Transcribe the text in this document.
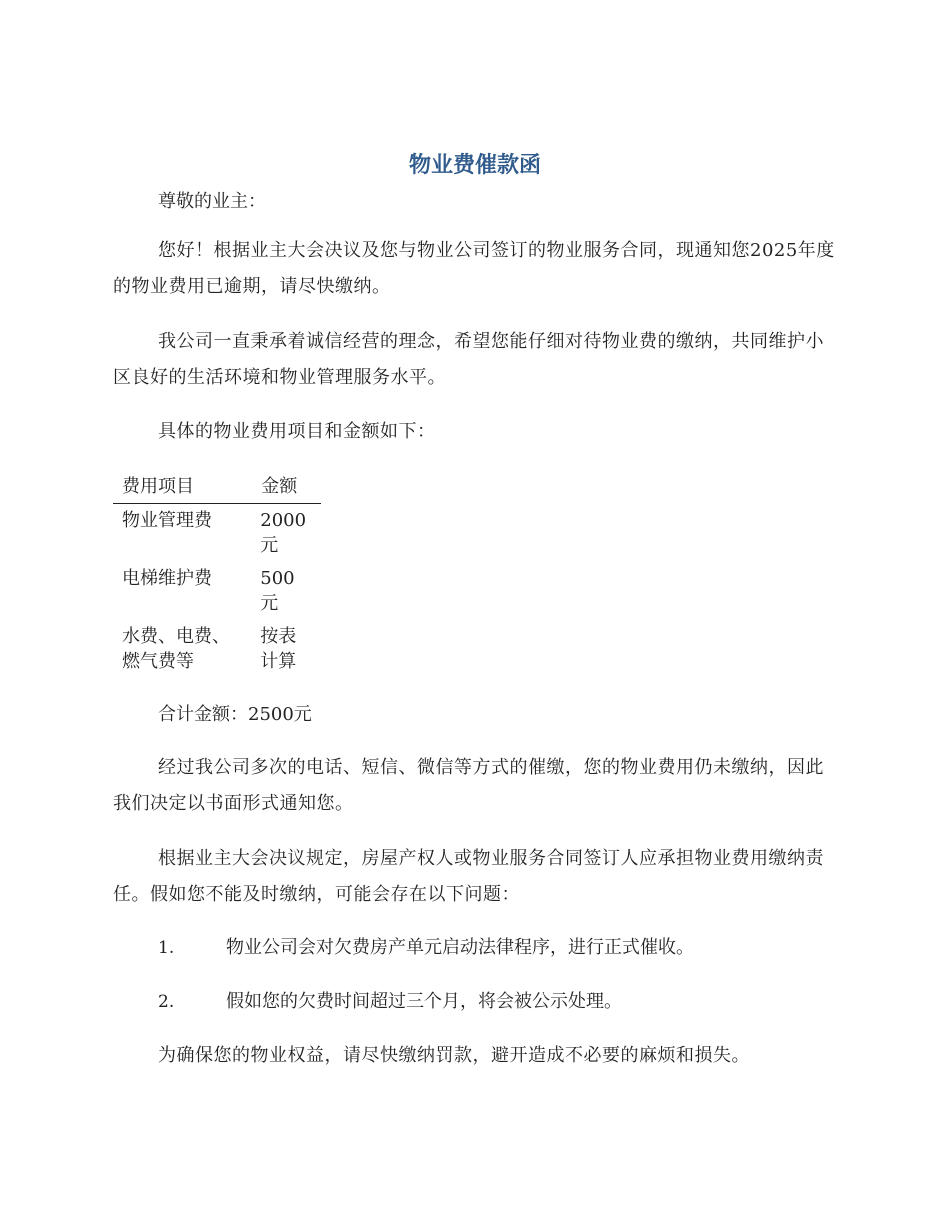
物业费催款函

尊敬的业主：

您好！根据业主大会决议及您与物业公司签订的物业服务合同，现通知您2025年度的物业费用已逾期，请尽快缴纳。

我公司一直秉承着诚信经营的理念，希望您能仔细对待物业费的缴纳，共同维护小区良好的生活环境和物业管理服务水平。

具体的物业费用项目和金额如下：

费用项目	金额
物业管理费	2000元
电梯维护费	500元
水费、电费、燃气费等	按表计算

合计金额：2500元

经过我公司多次的电话、短信、微信等方式的催缴，您的物业费用仍未缴纳，因此我们决定以书面形式通知您。

根据业主大会决议规定，房屋产权人或物业服务合同签订人应承担物业费用缴纳责任。假如您不能及时缴纳，可能会存在以下问题：

1.	物业公司会对欠费房产单元启动法律程序，进行正式催收。
2.	假如您的欠费时间超过三个月，将会被公示处理。

为确保您的物业权益，请尽快缴纳罚款，避开造成不必要的麻烦和损失。
